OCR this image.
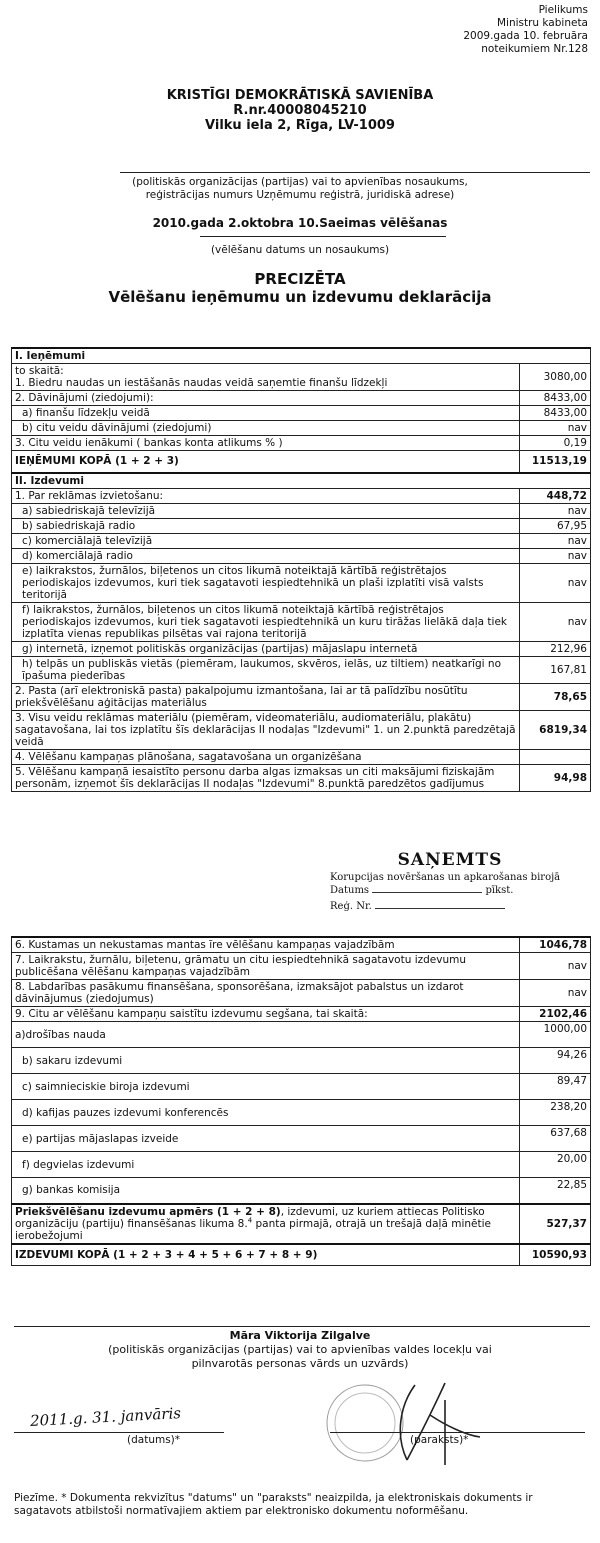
Pielikums
Ministru kabineta
2009.gada 10. februāra
noteikumiem Nr.128
KRISTĪGI DEMOKRĀTISKĀ SAVIENĪBA
R.nr.40008045210
Vilku iela 2, Rīga, LV-1009
(politiskās organizācijas (partijas) vai to apvienības nosaukums,
reģistrācijas numurs Uzņēmumu reģistrā, juridiskā adrese)
2010.gada 2.oktobra 10.Saeimas vēlēšanas
(vēlēšanu datums un nosaukums)
PRECIZĒTA
Vēlēšanu ieņēmumu un izdevumu deklarācija
I. Ieņēmumi	

to skaitā:
1. Biedru naudas un iestāšanās naudas veidā saņemtie finanšu līdzekļi	3080,00
2. Dāvinājumi (ziedojumi):	8433,00
a) finanšu līdzekļu veidā	8433,00
b) citu veidu dāvinājumi (ziedojumi)	nav
3. Citu veidu ienākumi ( bankas konta atlikums % )	0,19
IEŅĒMUMI KOPĀ (1 + 2 + 3)	11513,19
II. Izdevumi	
1. Par reklāmas izvietošanu:	448,72
a) sabiedriskajā televīzijā	nav
b) sabiedriskajā radio	67,95
c) komerciālajā televīzijā	nav
d) komerciālajā radio	nav
e) laikrakstos, žurnālos, biļetenos un citos likumā noteiktajā kārtībā reģistrētajos periodiskajos izdevumos, kuri tiek sagatavoti iespiedtehnikā un plaši izplatīti visā valsts teritorijā	nav
f) laikrakstos, žurnālos, biļetenos un citos likumā noteiktajā kārtībā reģistrētajos periodiskajos izdevumos, kuri tiek sagatavoti iespiedtehnikā un kuru tirāžas lielākā daļa tiek izplatīta vienas republikas pilsētas vai rajona teritorijā	nav
g) internetā, izņemot politiskās organizācijas (partijas) mājaslapu internetā	212,96
h) telpās un publiskās vietās (piemēram, laukumos, skvēros, ielās, uz tiltiem) neatkarīgi no īpašuma piederības	167,81
2. Pasta (arī elektroniskā pasta) pakalpojumu izmantošana, lai ar tā palīdzību nosūtītu priekšvēlēšanu aģitācijas materiālus	78,65
3. Visu veidu reklāmas materiālu (piemēram, videomateriālu, audiomateriālu, plakātu) sagatavošana, lai tos izplatītu šīs deklarācijas II nodaļas "Izdevumi" 1. un 2.punktā paredzētajā veidā	6819,34
4. Vēlēšanu kampaņas plānošana, sagatavošana un organizēšana	
5. Vēlēšanu kampaņā iesaistīto personu darba algas izmaksas un citi maksājumi fiziskajām personām, izņemot šīs deklarācijas II nodaļas "Izdevumi" 8.punktā paredzētos gadījumus	94,98
SAŅEMTS
Korupcijas novēršanas un apkarošanas birojā
Datums	pīkst.
Reģ. Nr.
6. Kustamas un nekustamas mantas īre vēlēšanu kampaņas vajadzībām	1046,78
7. Laikrakstu, žurnālu, biļetenu, grāmatu un citu iespiedtehnikā sagatavotu izdevumu publicēšana vēlēšanu kampaņas vajadzībām	nav
8. Labdarības pasākumu finansēšana, sponsorēšana, izmaksājot pabalstus un izdarot dāvinājumus (ziedojumus)	nav
9. Citu ar vēlēšanu kampaņu saistītu izdevumu segšana, tai skaitā:	2102,46
a)drošības nauda	1000,00
b) sakaru izdevumi	94,26
c) saimnieciskie biroja izdevumi	89,47
d) kafijas pauzes izdevumi konferencēs	238,20
e) partijas mājaslapas izveide	637,68
f) degvielas izdevumi	20,00
g) bankas komisija	22,85
Priekšvēlēšanu izdevumu apmērs (1 + 2 + 8), izdevumi, uz kuriem attiecas Politisko organizāciju (partiju) finansēšanas likuma 8.$^4$ panta pirmajā, otrajā un trešajā daļā minētie ierobežojumi	527,37
IZDEVUMI KOPĀ (1 + 2 + 3 + 4 + 5 + 6 + 7 + 8 + 9)	10590,93
Māra Viktorija Zilgalve
(politiskās organizācijas (partijas) vai to apvienības valdes locekļu vai
pilnvarotās personas vārds un uzvārds)
2011.g. 31. janvāris
(datums)*	(paraksts)*
Piezīme. * Dokumenta rekvizītus "datums" un "paraksts" neaizpilda, ja elektroniskais dokuments ir sagatavots atbilstoši normatīvajiem aktiem par elektronisko dokumentu noformēšanu.
